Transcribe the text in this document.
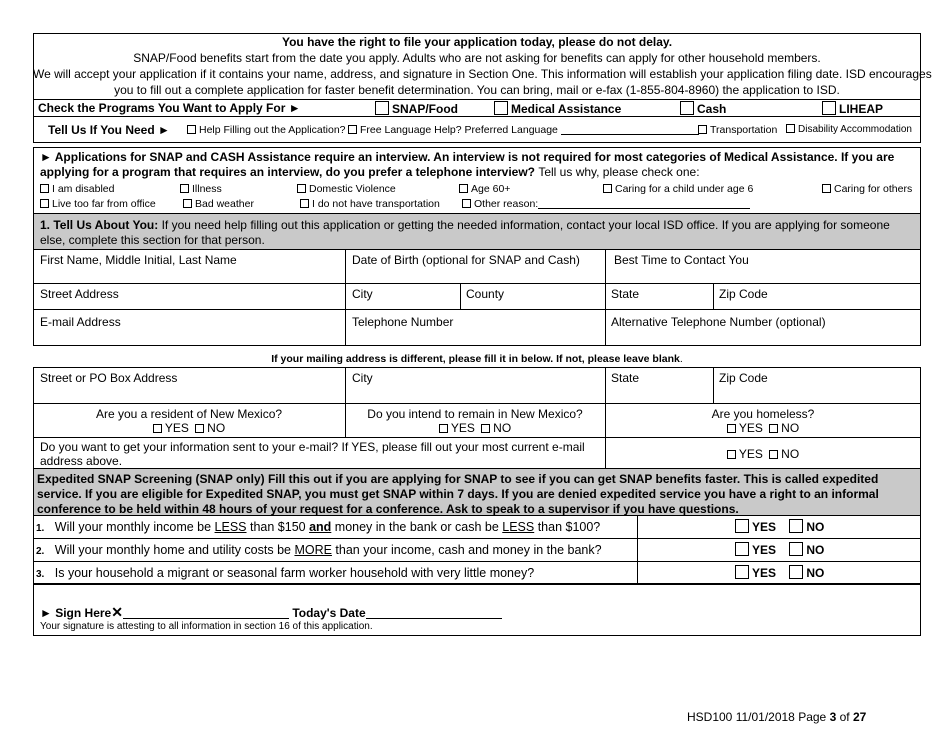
You have the right to file your application today, please do not delay.
SNAP/Food benefits start from the date you apply. Adults who are not asking for benefits can apply for other household members.
We will accept your application if it contains your name, address, and signature in Section One. This information will establish your application filing date. ISD encourages
you to fill out a complete application for faster benefit determination. You can bring, mail or e-fax (1-855-804-8960) the application to ISD.
Check the Programs You Want to Apply For ►	SNAP/Food	Medical Assistance	Cash	LIHEAP
Tell Us If You Need ►	Help Filling out the Application?	Free Language Help? Preferred Language	Transportation	Disability Accommodation
► Applications for SNAP and CASH Assistance require an interview. An interview is not required for most categories of Medical Assistance. If you are applying for a program that requires an interview, do you prefer a telephone interview? Tell us why, please check one:
I am disabled	Illness	Domestic Violence	Age 60+	Caring for a child under age 6	Caring for others
Live too far from office	Bad weather	I do not have transportation	Other reason:
1. Tell Us About You: If you need help filling out this application or getting the needed information, contact your local ISD office. If you are applying for someone else, complete this section for that person.
First Name, Middle Initial, Last Name	Date of Birth (optional for SNAP and Cash)	Best Time to Contact You
Street Address	City	County	State	Zip Code
E-mail Address	Telephone Number	Alternative Telephone Number (optional)
If your mailing address is different, please fill it in below. If not, please leave blank.
Street or PO Box Address	City	State	Zip Code
Are you a resident of New Mexico?
YES NO
Do you intend to remain in New Mexico?
YES NO
Are you homeless?
YES NO
Do you want to get your information sent to your e-mail? If YES, please fill out your most current e-mail address above.	YES NO
Expedited SNAP Screening (SNAP only) Fill this out if you are applying for SNAP to see if you can get SNAP benefits faster. This is called expedited service. If you are eligible for Expedited SNAP, you must get SNAP within 7 days. If you are denied expedited service you have a right to an informal conference to be held within 48 hours of your request for a conference. Ask to speak to a supervisor if you have questions.
1. Will your monthly income be LESS than $150 and money in the bank or cash be LESS than $100?	YES	NO
2. Will your monthly home and utility costs be MORE than your income, cash and money in the bank?	YES	NO
3. Is your household a migrant or seasonal farm worker household with very little money?	YES	NO
► Sign Here✕	Today's Date
Your signature is attesting to all information in section 16 of this application.
HSD100 11/01/2018 Page 3 of 27
